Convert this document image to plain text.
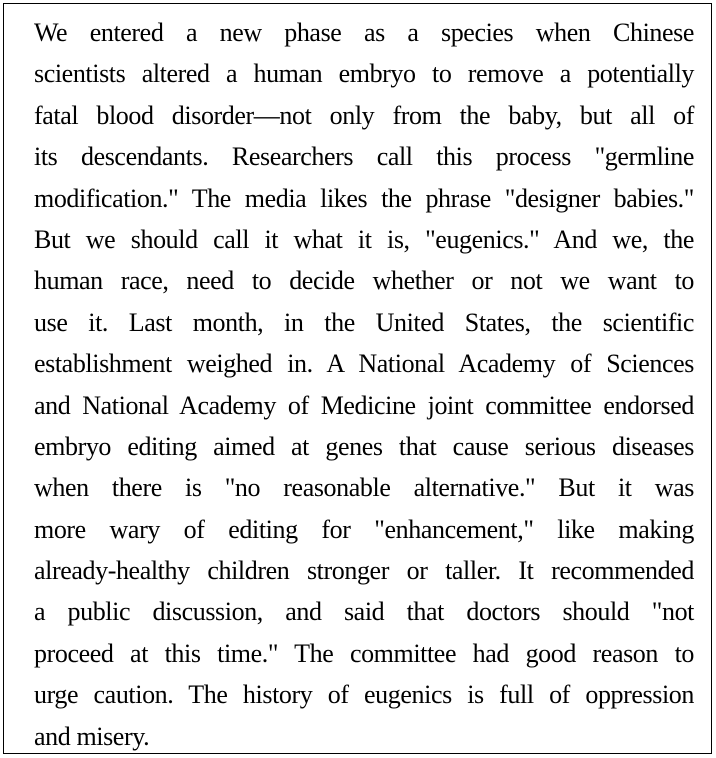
We entered a new phase as a species when Chinese
scientists altered a human embryo to remove a potentially
fatal blood disorder—not only from the baby, but all of
its descendants. Researchers call this process "germline
modification." The media likes the phrase "designer babies."
But we should call it what it is, "eugenics." And we, the
human race, need to decide whether or not we want to
use it. Last month, in the United States, the scientific
establishment weighed in. A National Academy of Sciences
and National Academy of Medicine joint committee endorsed
embryo editing aimed at genes that cause serious diseases
when there is "no reasonable alternative." But it was
more wary of editing for "enhancement," like making
already-healthy children stronger or taller. It recommended
a public discussion, and said that doctors should "not
proceed at this time." The committee had good reason to
urge caution. The history of eugenics is full of oppression
and misery.
